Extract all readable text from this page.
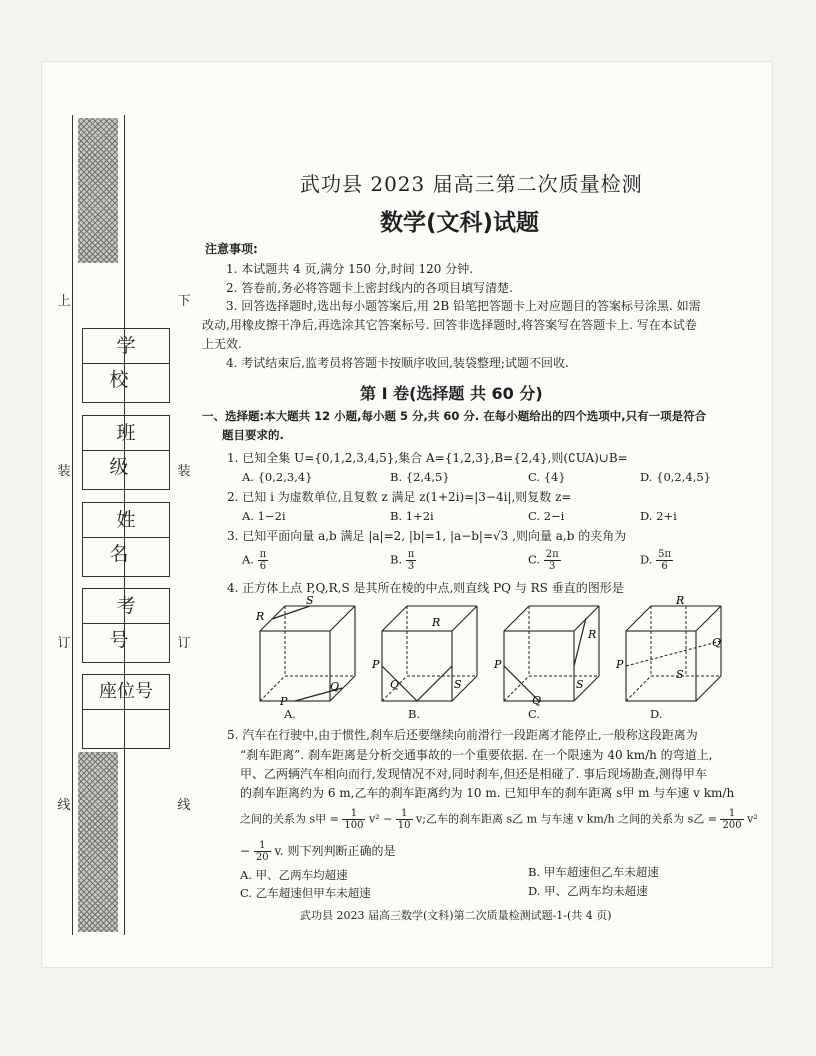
上
装
订
线
下
装
订
线
学 校
班 级
姓 名
考 号
座位号
武功县 2023 届高三第二次质量检测
数学(文科)试题
注意事项:
1. 本试题共 4 页,满分 150 分,时间 120 分钟.
2. 答卷前,务必将答题卡上密封线内的各项目填写清楚.
3. 回答选择题时,选出每小题答案后,用 2B 铅笔把答题卡上对应题目的答案标号涂黑. 如需
改动,用橡皮擦干净后,再选涂其它答案标号. 回答非选择题时,将答案写在答题卡上. 写在本试卷
上无效.
4. 考试结束后,监考员将答题卡按顺序收回,装袋整理;试题不回收.
第 I 卷(选择题 共 60 分)
一、选择题:本大题共 12 小题,每小题 5 分,共 60 分. 在每小题给出的四个选项中,只有一项是符合
题目要求的.
1. 已知全集 U={0,1,2,3,4,5},集合 A={1,2,3},B={2,4},则(∁UA)∪B=
A. {0,2,3,4}	B. {2,4,5}	C. {4}	D. {0,2,4,5}
2. 已知 i 为虚数单位,且复数 z 满足 z(1+2i)=|3−4i|,则复数 z=
A. 1−2i	B. 1+2i	C. 2−i	D. 2+i
3. 已知平面向量 a,b 满足 |a|=2, |b|=1, |a−b|=√3 ,则向量 a,b 的夹角为
A. $\frac{\pi}{6}$	B. $\frac{\pi}{3}$	C. $\frac{2\pi}{3}$	D. $\frac{5\pi}{6}$
4. 正方体上点 P,Q,R,S 是其所在棱的中点,则直线 PQ 与 RS 垂直的图形是
R
S
P
Q
A.
R
P
S
Q
P
R
S
Q
C.
R
P
Q
S
D.
B.
5. 汽车在行驶中,由于惯性,刹车后还要继续向前滑行一段距离才能停止,一般称这段距离为
“刹车距离”. 刹车距离是分析交通事故的一个重要依据. 在一个限速为 40 km/h 的弯道上,
甲、乙两辆汽车相向而行,发现情况不对,同时刹车,但还是相碰了. 事后现场勘查,测得甲车
的刹车距离约为 6 m,乙车的刹车距离约为 10 m. 已知甲车的刹车距离 s甲 m 与车速 v km/h
之间的关系为 s甲 = $\frac{1}{100} v^2 - \frac{1}{10} v$;乙车的刹车距离 s乙 m 与车速 v km/h 之间的关系为 s乙 = $\frac{1}{200} v^2$
− $\frac{1}{20} v$. 则下列判断正确的是
A. 甲、乙两车均超速	B. 甲车超速但乙车未超速
C. 乙车超速但甲车未超速	D. 甲、乙两车均未超速
武功县 2023 届高三数学(文科)第二次质量检测试题-1-(共 4 页)
